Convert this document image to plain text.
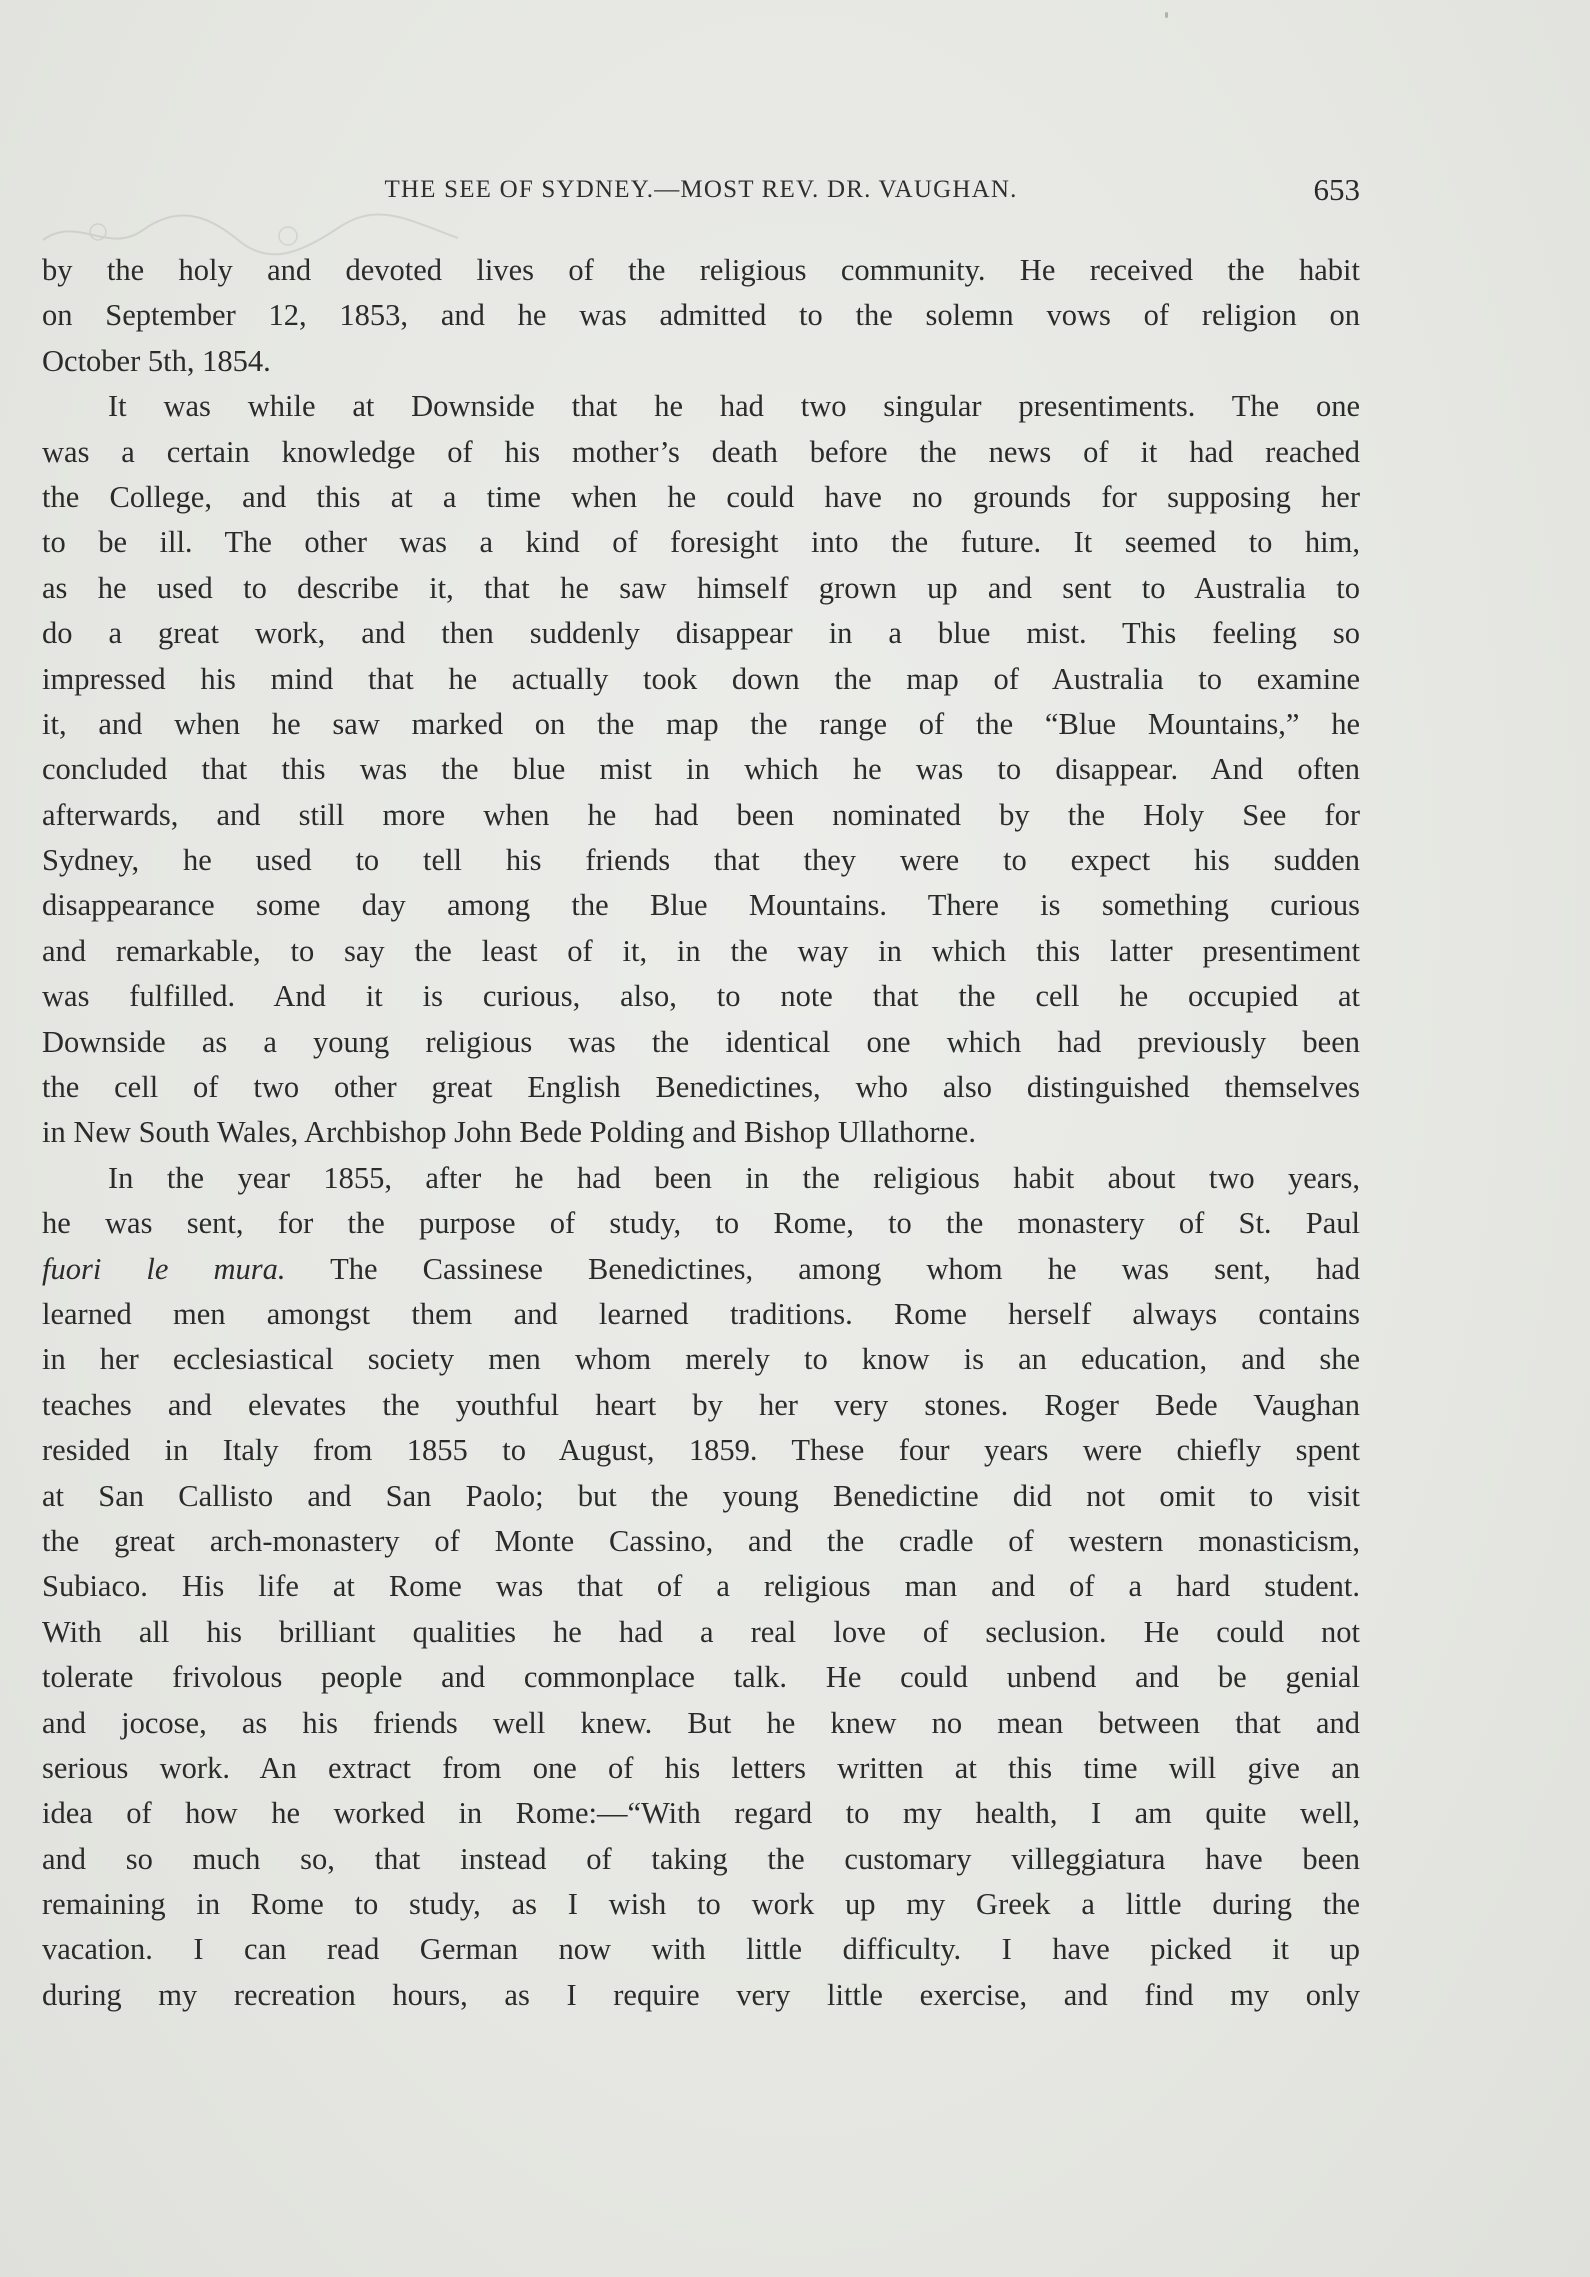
THE SEE OF SYDNEY.—MOST REV. DR. VAUGHAN.	653
by the holy and devoted lives of the religious community. He received the habit
on September 12, 1853, and he was admitted to the solemn vows of religion on
October 5th, 1854.
It was while at Downside that he had two singular presentiments. The one
was a certain knowledge of his mother’s death before the news of it had reached
the College, and this at a time when he could have no grounds for supposing her
to be ill. The other was a kind of foresight into the future. It seemed to him,
as he used to describe it, that he saw himself grown up and sent to Australia to
do a great work, and then suddenly disappear in a blue mist. This feeling so
impressed his mind that he actually took down the map of Australia to examine
it, and when he saw marked on the map the range of the “Blue Mountains,” he
concluded that this was the blue mist in which he was to disappear. And often
afterwards, and still more when he had been nominated by the Holy See for
Sydney, he used to tell his friends that they were to expect his sudden
disappearance some day among the Blue Mountains. There is something curious
and remarkable, to say the least of it, in the way in which this latter presentiment
was fulfilled. And it is curious, also, to note that the cell he occupied at
Downside as a young religious was the identical one which had previously been
the cell of two other great English Benedictines, who also distinguished themselves
in New South Wales, Archbishop John Bede Polding and Bishop Ullathorne.
In the year 1855, after he had been in the religious habit about two years,
he was sent, for the purpose of study, to Rome, to the monastery of St. Paul
fuori le mura. The Cassinese Benedictines, among whom he was sent, had
learned men amongst them and learned traditions. Rome herself always contains
in her ecclesiastical society men whom merely to know is an education, and she
teaches and elevates the youthful heart by her very stones. Roger Bede Vaughan
resided in Italy from 1855 to August, 1859. These four years were chiefly spent
at San Callisto and San Paolo; but the young Benedictine did not omit to visit
the great arch-monastery of Monte Cassino, and the cradle of western monasticism,
Subiaco. His life at Rome was that of a religious man and of a hard student.
With all his brilliant qualities he had a real love of seclusion. He could not
tolerate frivolous people and commonplace talk. He could unbend and be genial
and jocose, as his friends well knew. But he knew no mean between that and
serious work. An extract from one of his letters written at this time will give an
idea of how he worked in Rome:—“With regard to my health, I am quite well,
and so much so, that instead of taking the customary villeggiatura have been
remaining in Rome to study, as I wish to work up my Greek a little during the
vacation. I can read German now with little difficulty. I have picked it up
during my recreation hours, as I require very little exercise, and find my only
